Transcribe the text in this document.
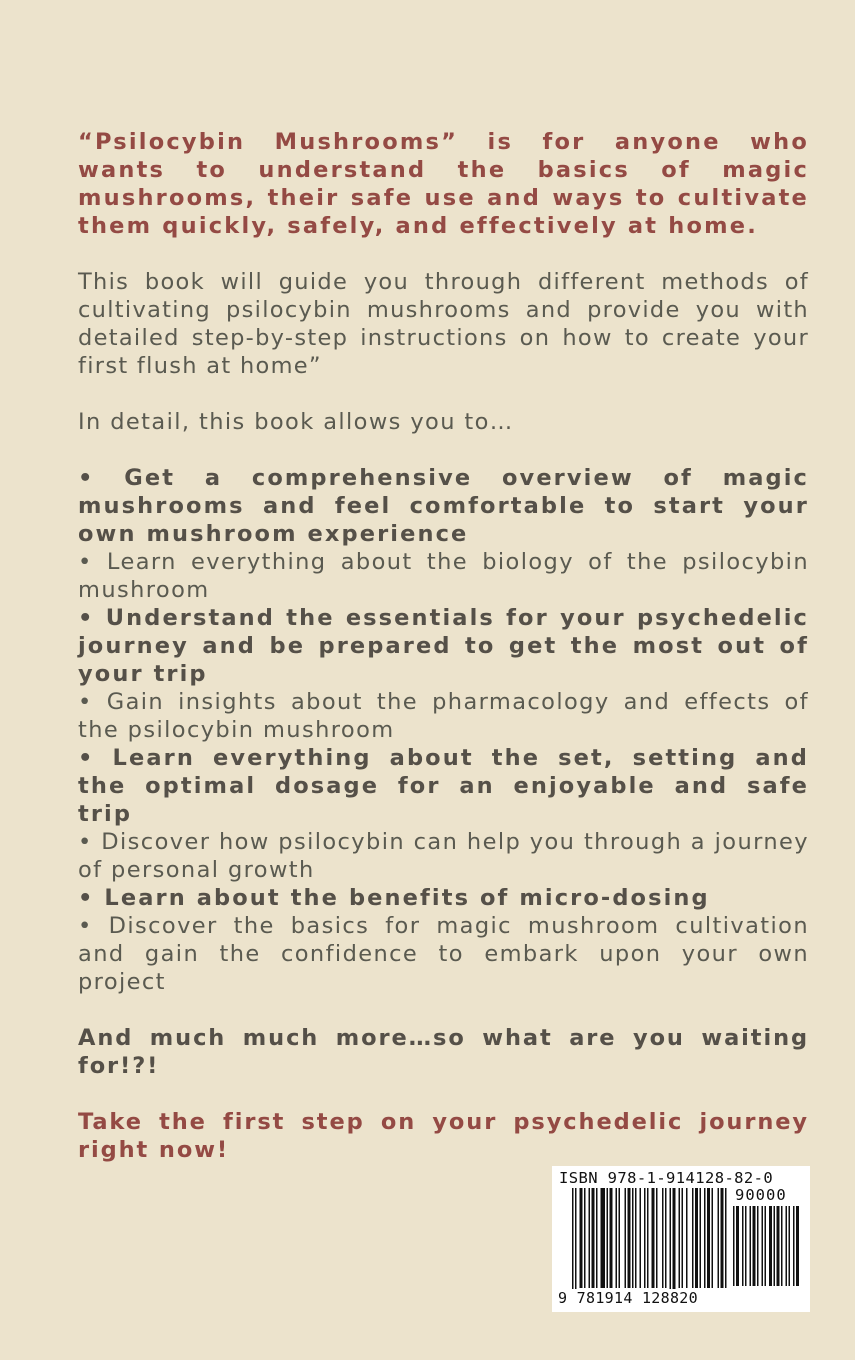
“Psilocybin Mushrooms” is for anyone who wants to understand the basics of magic mushrooms, their safe use and ways to cultivate them quickly, safely, and effectively at home.

This book will guide you through different methods of cultivating psilocybin mushrooms and provide you with detailed step-by-step instructions on how to create your first flush at home”

In detail, this book allows you to…

• Get a comprehensive overview of magic mushrooms and feel comfortable to start your own mushroom experience

• Learn everything about the biology of the psilocybin mushroom

• Understand the essentials for your psychedelic journey and be prepared to get the most out of your trip

• Gain insights about the pharmacology and effects of the psilocybin mushroom

• Learn everything about the set, setting and the optimal dosage for an enjoyable and safe trip

• Discover how psilocybin can help you through a journey of personal growth

• Learn about the benefits of micro-dosing

• Discover the basics for magic mushroom cultivation and gain the confidence to embark upon your own project

And much much more…so what are you waiting for!?!

Take the first step on your psychedelic journey right now!

ISBN 978-1-914128-82-0
90000
9 781914 128820
